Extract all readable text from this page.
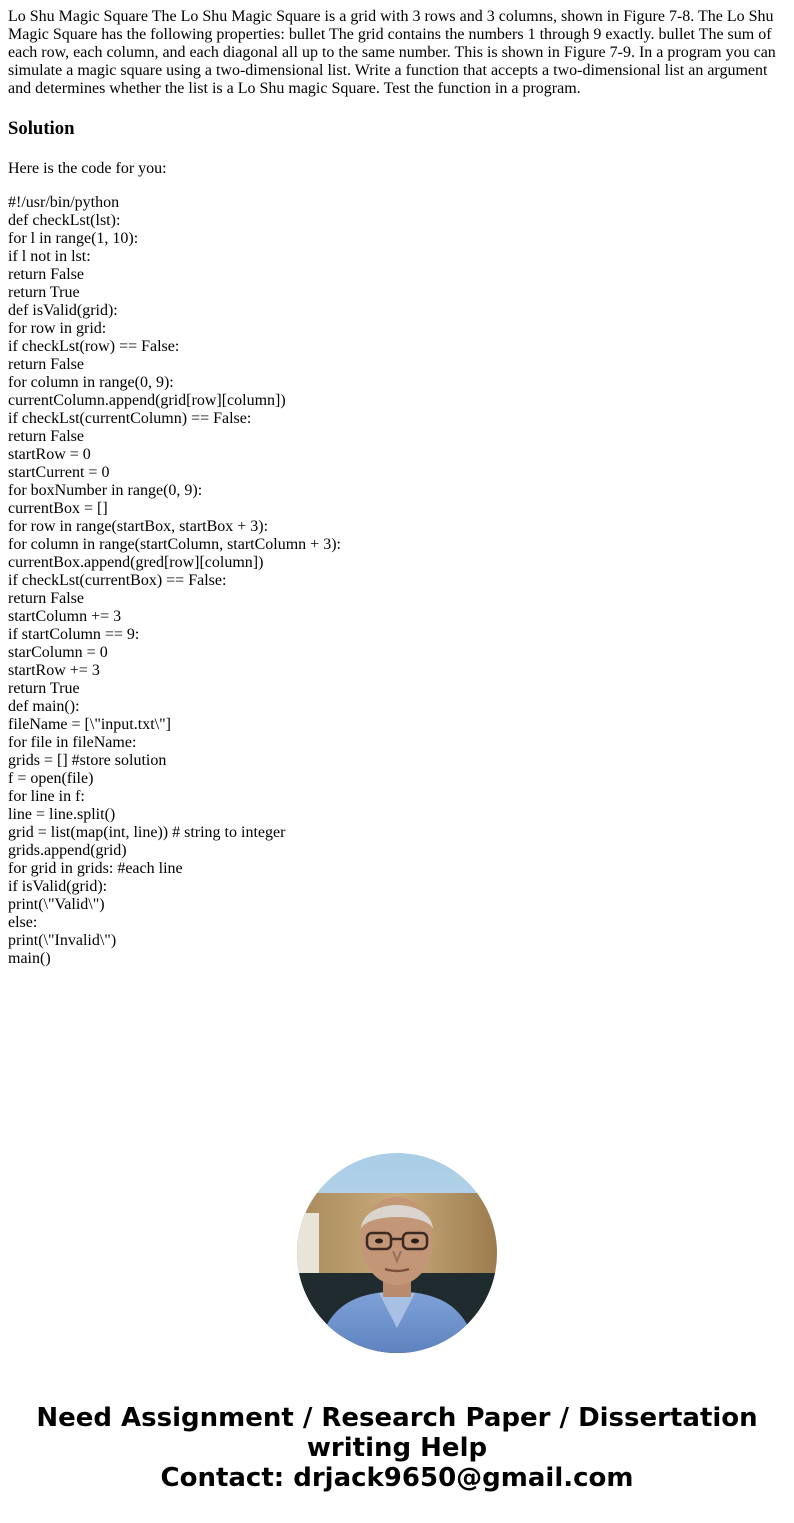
Lo Shu Magic Square The Lo Shu Magic Square is a grid with 3 rows and 3 columns, shown in Figure 7-8. The Lo Shu Magic Square has the following properties: bullet The grid contains the numbers 1 through 9 exactly. bullet The sum of each row, each column, and each diagonal all up to the same number. This is shown in Figure 7-9. In a program you can simulate a magic square using a two-dimensional list. Write a function that accepts a two-dimensional list an argument and determines whether the list is a Lo Shu magic Square. Test the function in a program.

Solution

Here is the code for you:

#!/usr/bin/python
def checkLst(lst):
for l in range(1, 10):
if l not in lst:
return False
return True
def isValid(grid):
for row in grid:
if checkLst(row) == False:
return False
for column in range(0, 9):
currentColumn.append(grid[row][column])
if checkLst(currentColumn) == False:
return False
startRow = 0
startCurrent = 0
for boxNumber in range(0, 9):
currentBox = []
for row in range(startBox, startBox + 3):
for column in range(startColumn, startColumn + 3):
currentBox.append(gred[row][column])
if checkLst(currentBox) == False:
return False
startColumn += 3
if startColumn == 9:
starColumn = 0
startRow += 3
return True
def main():
fileName = [\"input.txt\"]
for file in fileName:
grids = [] #store solution
f = open(file)
for line in f:
line = line.split()
grid = list(map(int, line)) # string to integer
grids.append(grid)
for grid in grids: #each line
if isValid(grid):
print(\"Valid\")
else:
print(\"Invalid\")
main()
Need Assignment / Research Paper / Dissertation
writing Help
Contact: drjack9650@gmail.com
